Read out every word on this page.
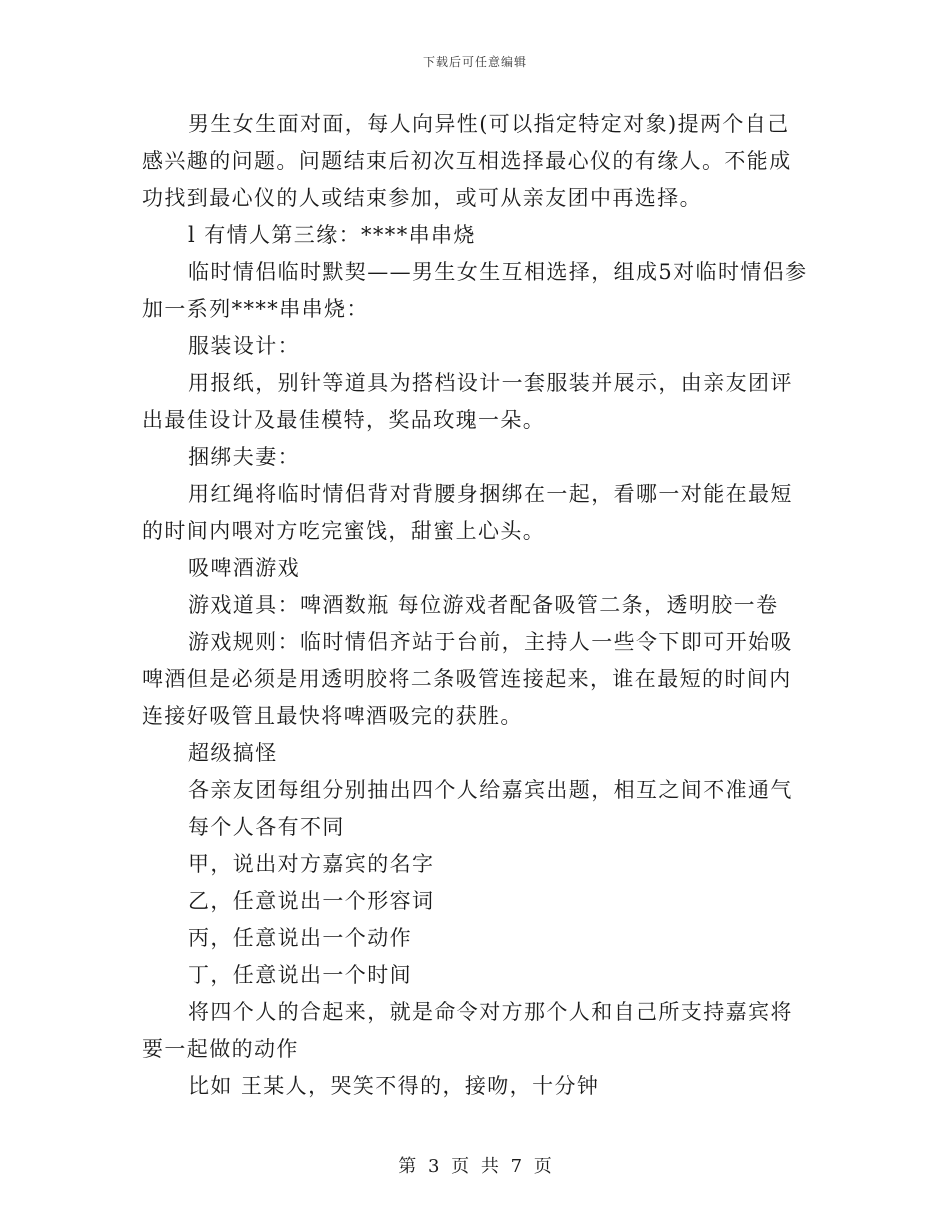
下载后可任意编辑

男生女生面对面，每人向异性(可以指定特定对象)提两个自己感兴趣的问题。问题结束后初次互相选择最心仪的有缘人。不能成功找到最心仪的人或结束参加，或可从亲友团中再选择。

l 有情人第三缘：****串串烧

临时情侣临时默契——男生女生互相选择，组成5对临时情侣参加一系列****串串烧：

服装设计：

用报纸，别针等道具为搭档设计一套服装并展示，由亲友团评出最佳设计及最佳模特，奖品玫瑰一朵。

捆绑夫妻：

用红绳将临时情侣背对背腰身捆绑在一起，看哪一对能在最短的时间内喂对方吃完蜜饯，甜蜜上心头。

吸啤酒游戏

游戏道具：啤酒数瓶 每位游戏者配备吸管二条，透明胶一卷

游戏规则：临时情侣齐站于台前，主持人一些令下即可开始吸啤酒但是必须是用透明胶将二条吸管连接起来，谁在最短的时间内连接好吸管且最快将啤酒吸完的获胜。

超级搞怪

各亲友团每组分别抽出四个人给嘉宾出题，相互之间不准通气

每个人各有不同

甲，说出对方嘉宾的名字

乙，任意说出一个形容词

丙，任意说出一个动作

丁，任意说出一个时间

将四个人的合起来，就是命令对方那个人和自己所支持嘉宾将要一起做的动作

比如 王某人，哭笑不得的，接吻，十分钟

第 3 页 共 7 页
